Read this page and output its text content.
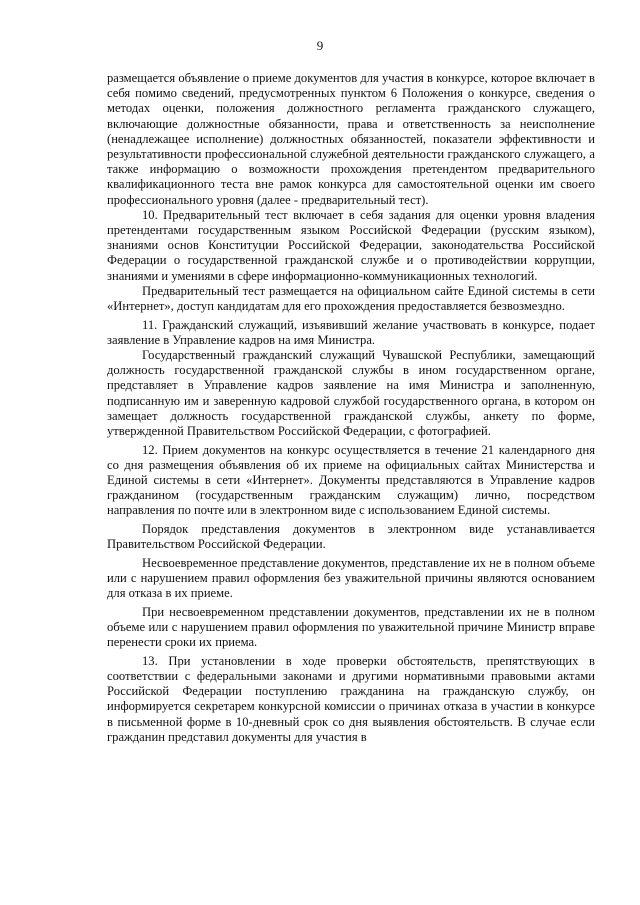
9

размещается объявление о приеме документов для участия в конкурсе, которое включает в себя помимо сведений, предусмотренных пунктом 6 Положения о конкурсе, сведения о методах оценки, положения должностного регламента гражданского служащего, включающие должностные обязанности, права и ответственность за неисполнение (ненадлежащее исполнение) должностных обязанностей, показатели эффективности и результативности профессиональной служебной деятельности гражданского служащего, а также информацию о возможности прохождения претендентом предварительного квалификационного теста вне рамок конкурса для самостоятельной оценки им своего профессионального уровня (далее - предварительный тест).

10. Предварительный тест включает в себя задания для оценки уровня владения претендентами государственным языком Российской Федерации (русским языком), знаниями основ Конституции Российской Федерации, законодательства Российской Федерации о государственной гражданской службе и о противодействии коррупции, знаниями и умениями в сфере информационно-коммуникационных технологий.

Предварительный тест размещается на официальном сайте Единой системы в сети «Интернет», доступ кандидатам для его прохождения предоставляется безвозмездно.

11. Гражданский служащий, изъявивший желание участвовать в конкурсе, подает заявление в Управление кадров на имя Министра.

Государственный гражданский служащий Чувашской Республики, замещающий должность государственной гражданской службы в ином государственном органе, представляет в Управление кадров заявление на имя Министра и заполненную, подписанную им и заверенную кадровой службой государственного органа, в котором он замещает должность государственной гражданской службы, анкету по форме, утвержденной Правительством Российской Федерации, с фотографией.

12. Прием документов на конкурс осуществляется в течение 21 календарного дня со дня размещения объявления об их приеме на официальных сайтах Министерства и Единой системы в сети «Интернет». Документы представляются в Управление кадров гражданином (государственным гражданским служащим) лично, посредством направления по почте или в электронном виде с использованием Единой системы.

Порядок представления документов в электронном виде устанавливается Правительством Российской Федерации.

Несвоевременное представление документов, представление их не в полном объеме или с нарушением правил оформления без уважительной причины являются основанием для отказа в их приеме.

При несвоевременном представлении документов, представлении их не в полном объеме или с нарушением правил оформления по уважительной причине Министр вправе перенести сроки их приема.

13. При установлении в ходе проверки обстоятельств, препятствующих в соответствии с федеральными законами и другими нормативными правовыми актами Российской Федерации поступлению гражданина на гражданскую службу, он информируется секретарем конкурсной комиссии о причинах отказа в участии в конкурсе в письменной форме в 10-дневный срок со дня выявления обстоятельств. В случае если гражданин представил документы для участия в
